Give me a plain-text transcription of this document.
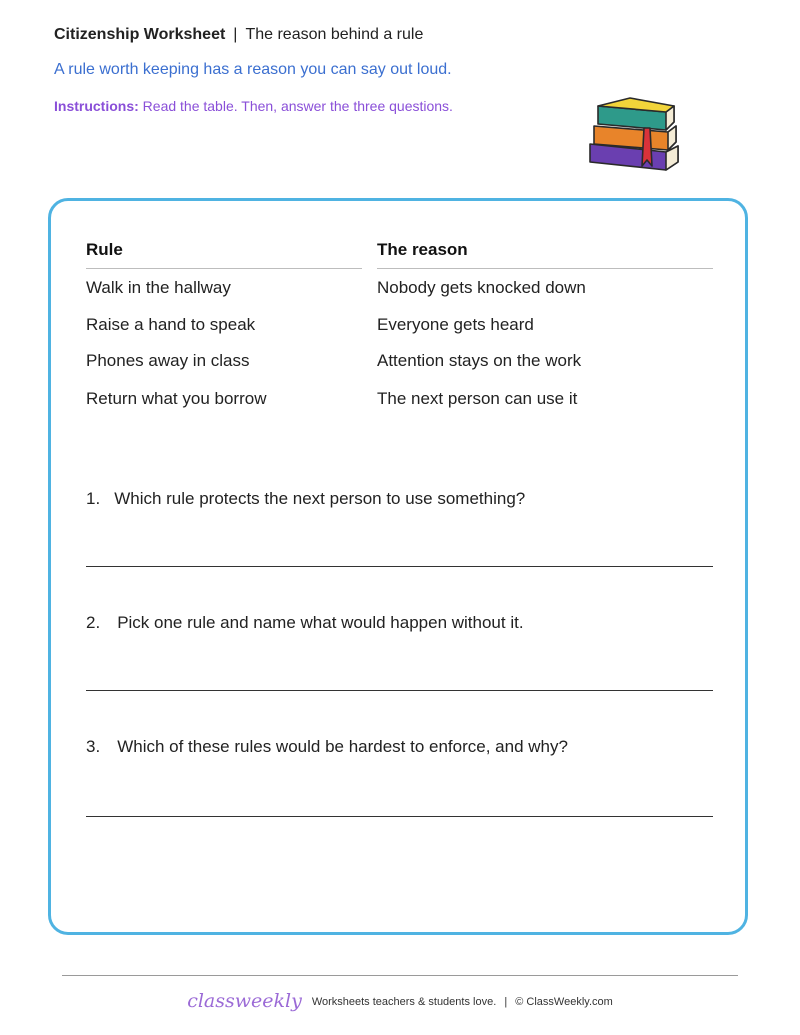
Citizenship Worksheet | The reason behind a rule
A rule worth keeping has a reason you can say out loud.
Instructions: Read the table. Then, answer the three questions.
Rule	The reason
Walk in the hallway	Nobody gets knocked down
Raise a hand to speak	Everyone gets heard
Phones away in class	Attention stays on the work
Return what you borrow	The next person can use it
1. Which rule protects the next person to use something?
2. Pick one rule and name what would happen without it.
3. Which of these rules would be hardest to enforce, and why?
classweekly Worksheets teachers & students love. | © ClassWeekly.com
